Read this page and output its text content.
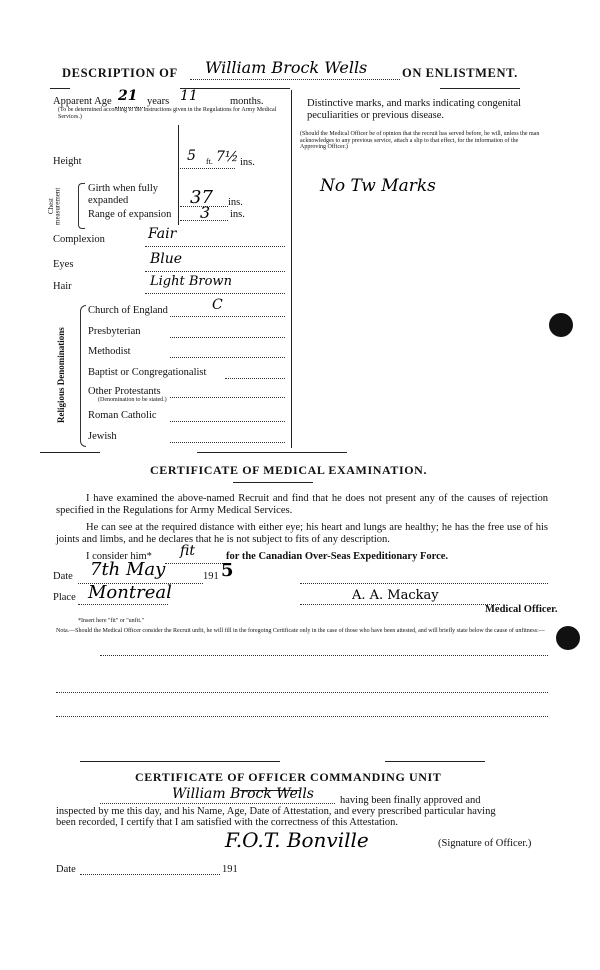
DESCRIPTION OF William Brock Wells	ON ENLISTMENT.
Apparent Age 21 years 11	months.
(To be determined according to the instructions given in the Regulations for Army Medical Services.)
Height	5 ft. 7½ ins.
Chest measurement	Girth when fully expanded	37 ins.
Range of expansion 3 ins.
Complexion	Fair
Eyes	Blue
Hair	Light Brown
Religious Denominations
Church of England	C
Presbyterian
Methodist
Baptist or Congregationalist
Other Protestants
(Denomination to be stated.)
Roman Catholic
Jewish
Distinctive marks, and marks indicating congenital peculiarities or previous disease.
(Should the Medical Officer be of opinion that the recruit has served before, he will, unless the man acknowledges to any previous service, attach a slip to that effect, for the information of the Approving Officer.)
No Tw Marks
CERTIFICATE OF MEDICAL EXAMINATION.
I have examined the above-named Recruit and find that he does not present any of the causes of rejection specified in the Regulations for Army Medical Services.
He can see at the required distance with either eye; his heart and lungs are healthy; he has the free use of his joints and limbs, and he declares that he is not subject to fits of any description.
I consider him* fit	for the Canadian Over-Seas Expeditionary Force.
Date 7th May	191 5
Place Montreal	A. A. Mackay
Medical Officer.
*Insert here "fit" or "unfit."
Nota.—Should the Medical Officer consider the Recruit unfit, he will fill in the foregoing Certificate only in the case of those who have been attested, and will briefly state below the cause of unfitness:—
CERTIFICATE OF OFFICER COMMANDING UNIT
William Brock Wells having been finally approved and
inspected by me this day, and his Name, Age, Date of Attestation, and every prescribed particular having
been recorded, I certify that I am satisfied with the correctness of this Attestation.
F.O.T. Bonville	(Signature of Officer.)
Date	191
